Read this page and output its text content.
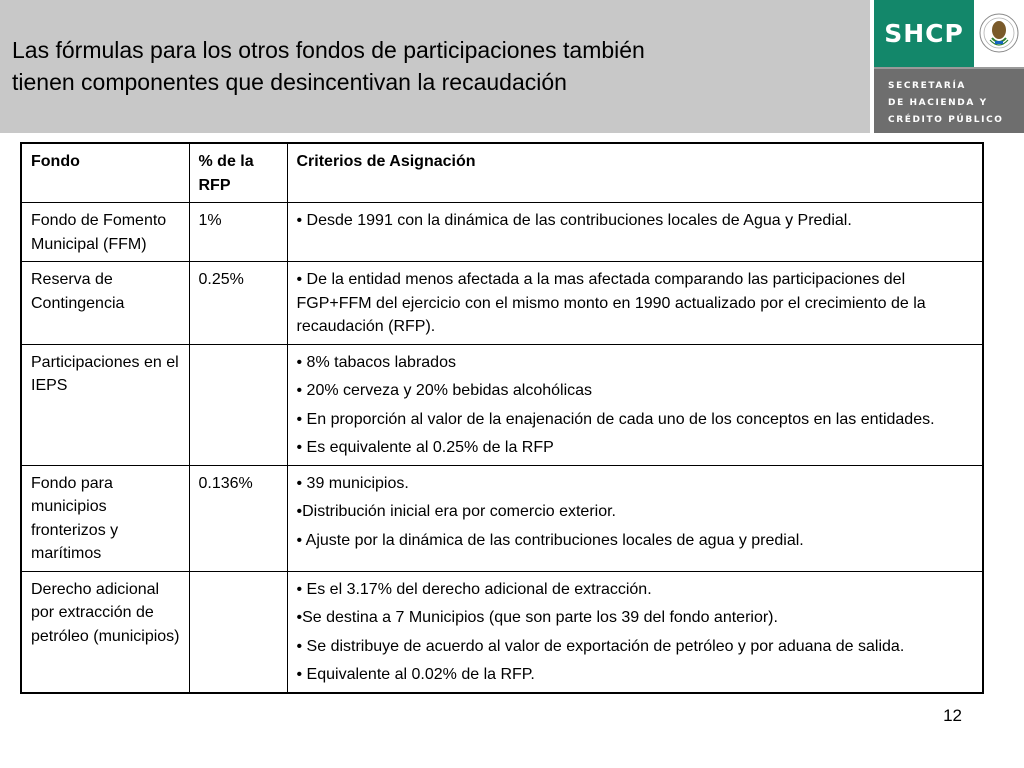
Las fórmulas para los otros fondos de participaciones también
tienen componentes que desincentivan la recaudación
SHCP
SECRETARÍA
DE HACIENDA Y
CRÉDITO PÚBLICO
Fondo	% de la RFP	Criterios de Asignación
Fondo de Fomento Municipal (FFM)	1%	• Desde 1991 con la dinámica de las contribuciones locales de Agua y Predial.

Reserva de Contingencia	0.25%	• De la entidad menos afectada a la mas afectada comparando las participaciones del FGP+FFM del ejercicio con el mismo monto en 1990 actualizado por el crecimiento de la recaudación (RFP).

Participaciones en el IEPS		• 8% tabacos labrados
• 20% cerveza y 20% bebidas alcohólicas
• En proporción al valor de la enajenación de cada uno de los conceptos en las entidades.
• Es equivalente al 0.25% de la RFP

Fondo para municipios fronterizos y marítimos	0.136%	• 39 municipios.
•Distribución inicial era por comercio exterior.
• Ajuste por la dinámica de las contribuciones locales de agua y predial.

Derecho adicional por extracción de petróleo (municipios)		• Es el 3.17% del derecho adicional de extracción.
•Se destina a 7 Municipios (que son parte los 39 del fondo anterior).
• Se distribuye de acuerdo al valor de exportación de petróleo y por aduana de salida.
• Equivalente al 0.02% de la RFP.
12
